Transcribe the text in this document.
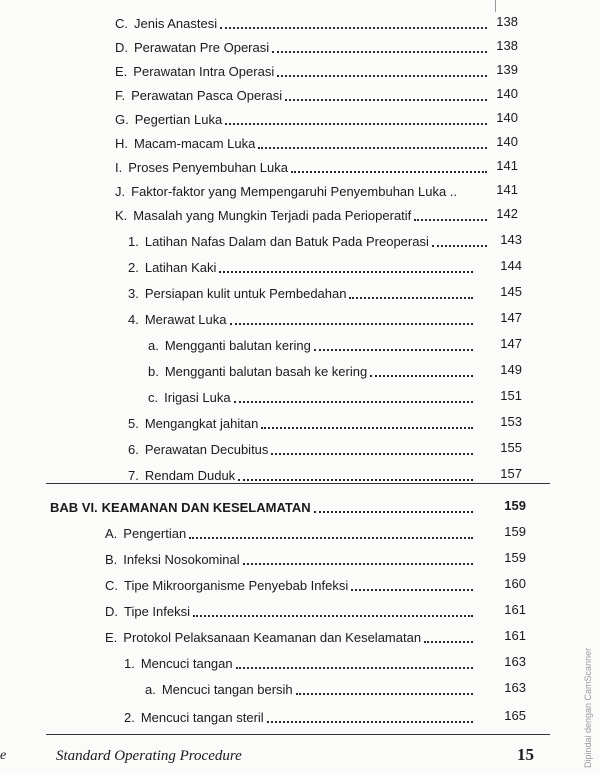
C. Jenis Anastesi	138
D. Perawatan Pre Operasi	138
E. Perawatan Intra Operasi	139
F. Perawatan Pasca Operasi	140
G. Pegertian Luka	140
H. Macam-macam Luka	140
I. Proses Penyembuhan Luka	141
J. Faktor-faktor yang Mempengaruhi Penyembuhan Luka ..	141
K. Masalah yang Mungkin Terjadi pada Perioperatif	142
1. Latihan Nafas Dalam dan Batuk Pada Preoperasi	143
2. Latihan Kaki	144
3. Persiapan kulit untuk Pembedahan	145
4. Merawat Luka	147
a. Mengganti balutan kering	147
b. Mengganti balutan basah ke kering	149
c. Irigasi Luka	151
5. Mengangkat jahitan	153
6. Perawatan Decubitus	155
7. Rendam Duduk	157
BAB VI. KEAMANAN DAN KESELAMATAN	159
A. Pengertian	159
B. Infeksi Nosokominal	159
C. Tipe Mikroorganisme Penyebab Infeksi	160
D. Tipe Infeksi	161
E. Protokol Pelaksanaan Keamanan dan Keselamatan	161
1. Mencuci tangan	163
a. Mencuci tangan bersih	163
2. Mencuci tangan steril	165
e	Standard Operating Procedure	15	Dipindai dengan CamScanner
